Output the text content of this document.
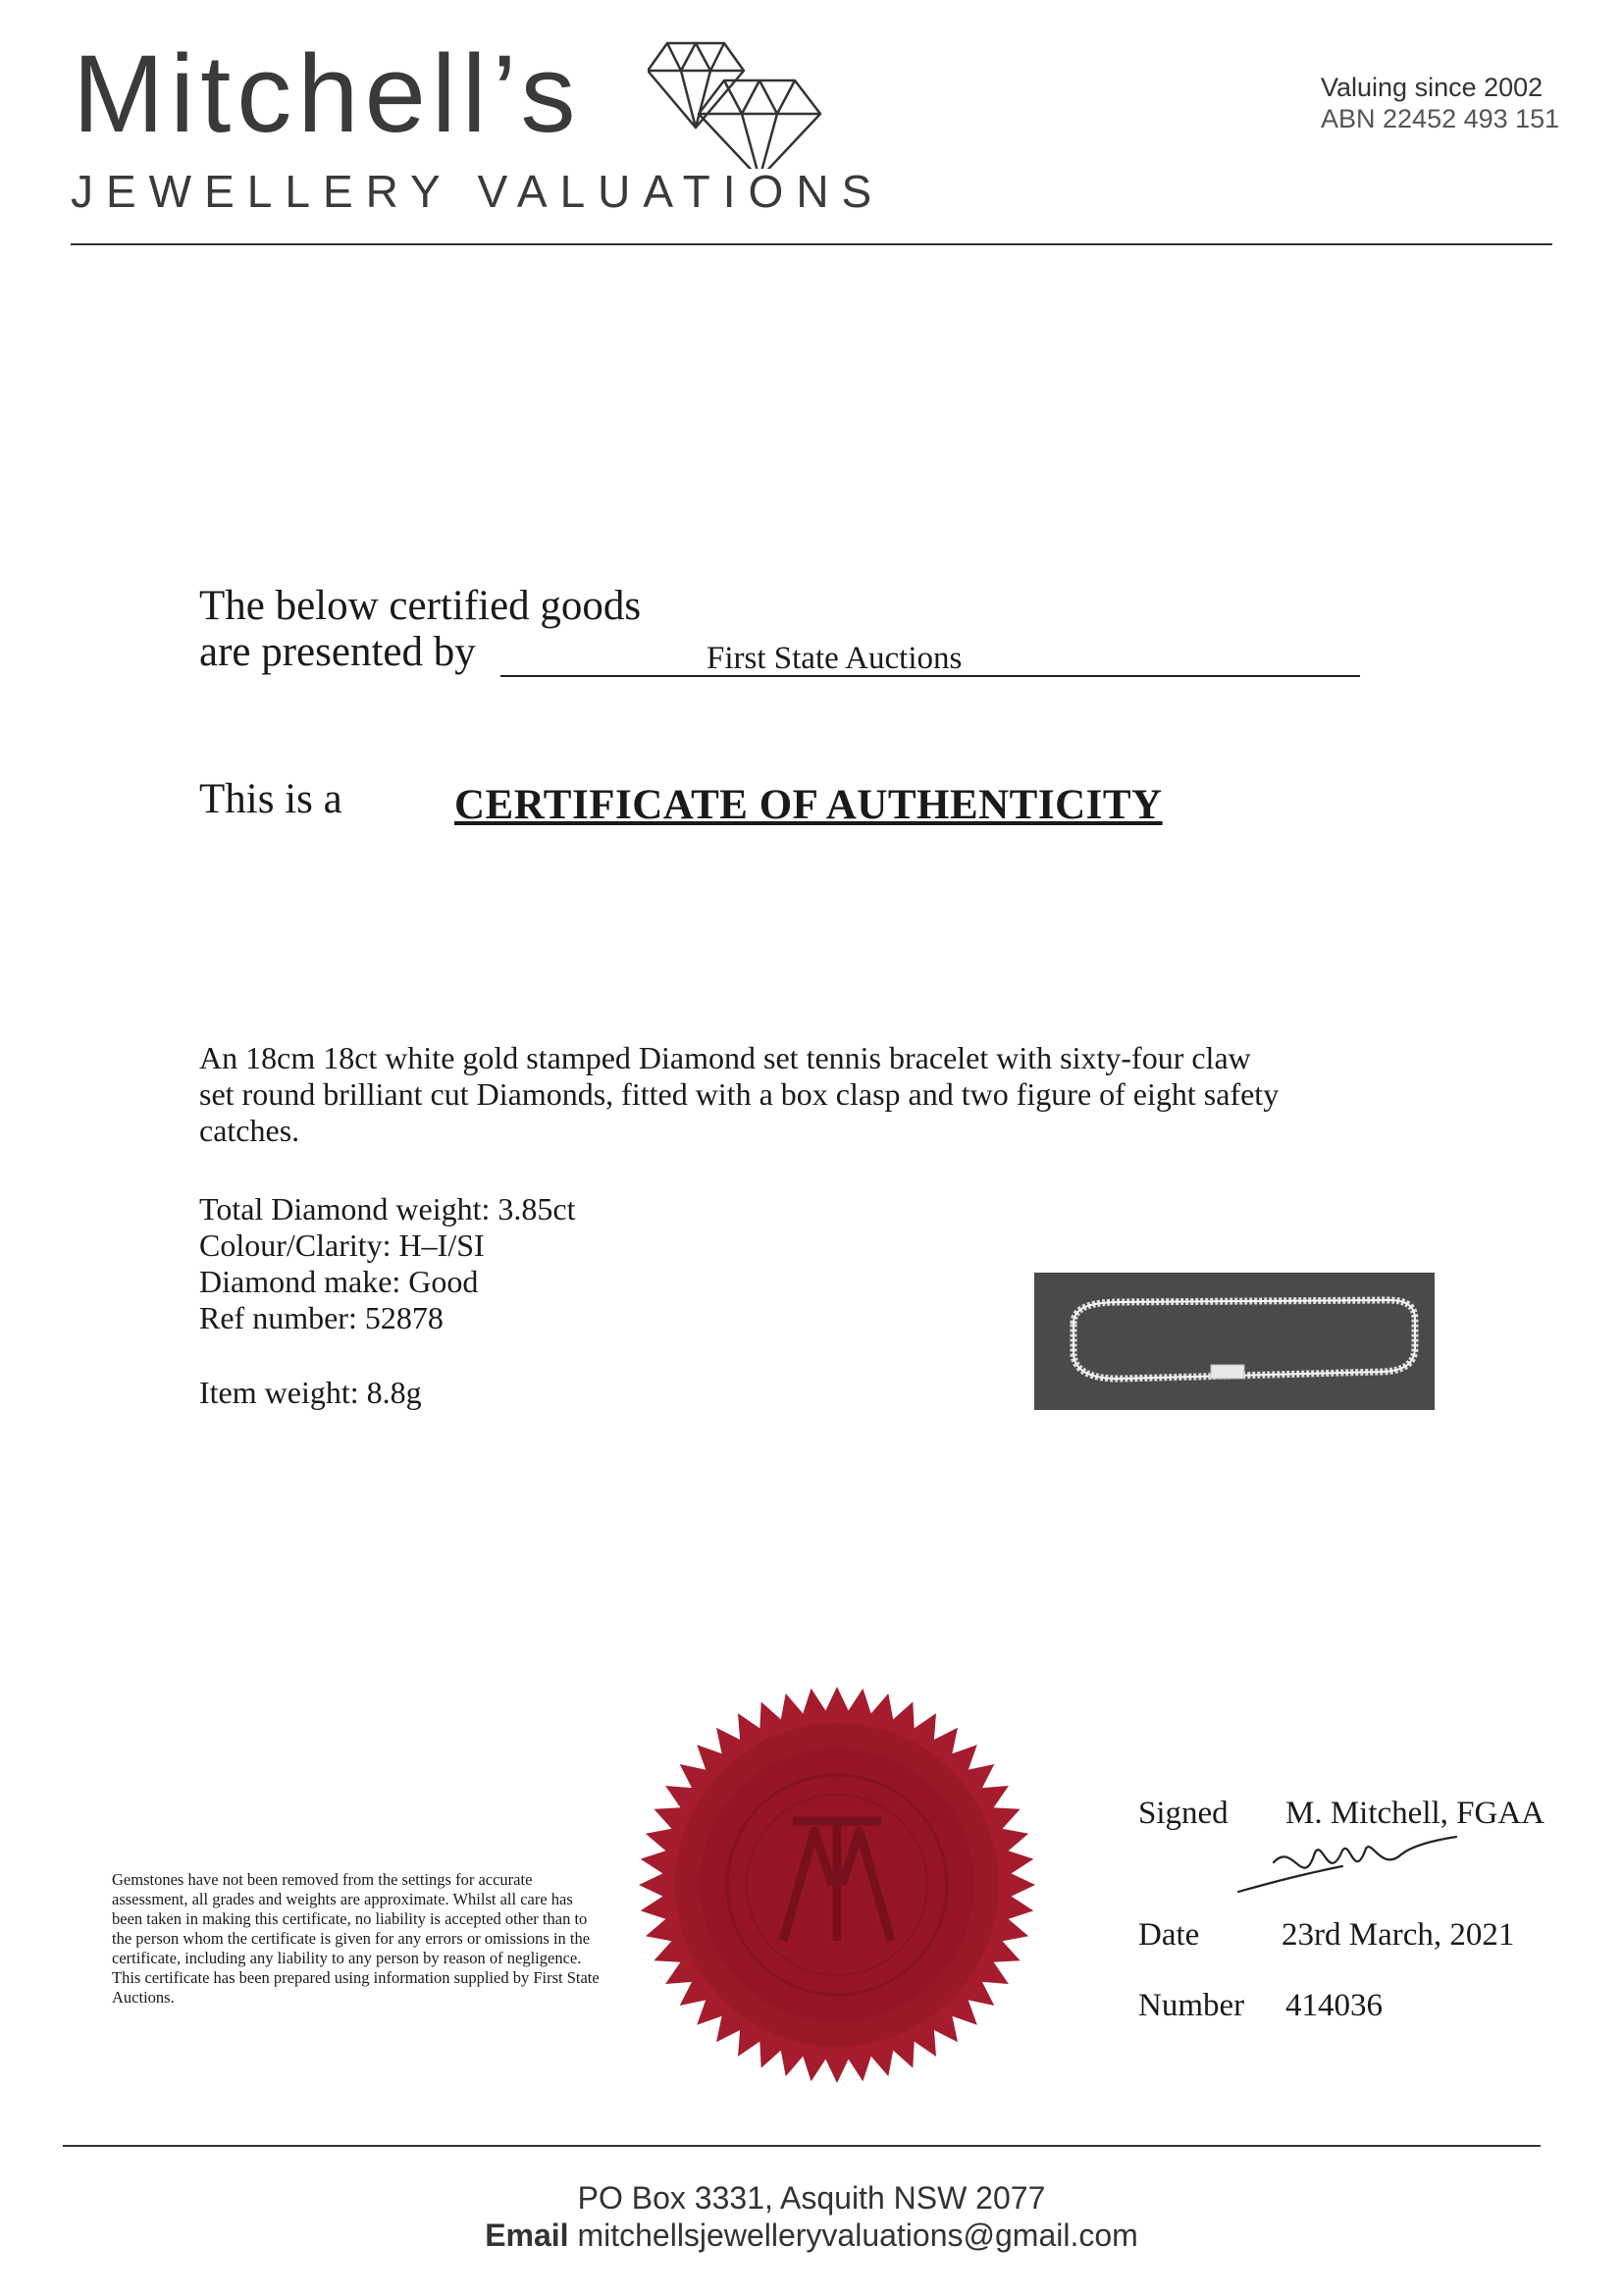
Mitchell’s
JEWELLERY VALUATIONS
Valuing since 2002
ABN 22452 493 151
The below certified goods
are presented by	First State Auctions
This is a	CERTIFICATE OF AUTHENTICITY
An 18cm 18ct white gold stamped Diamond set tennis bracelet with sixty-four claw set round brilliant cut Diamonds, fitted with a box clasp and two figure of eight safety catches.
Total Diamond weight: 3.85ct
Colour/Clarity: H–I/SI
Diamond make: Good
Ref number: 52878
Item weight: 8.8g
Signed M. Mitchell, FGAA
Date	23rd March, 2021
Number 414036
Gemstones have not been removed from the settings for accurate assessment, all grades and weights are approximate. Whilst all care has been taken in making this certificate, no liability is accepted other than to the person whom the certificate is given for any errors or omissions in the certificate, including any liability to any person by reason of negligence. This certificate has been prepared using information supplied by First State Auctions.
PO Box 3331, Asquith NSW 2077
Email mitchellsjewelleryvaluations@gmail.com
